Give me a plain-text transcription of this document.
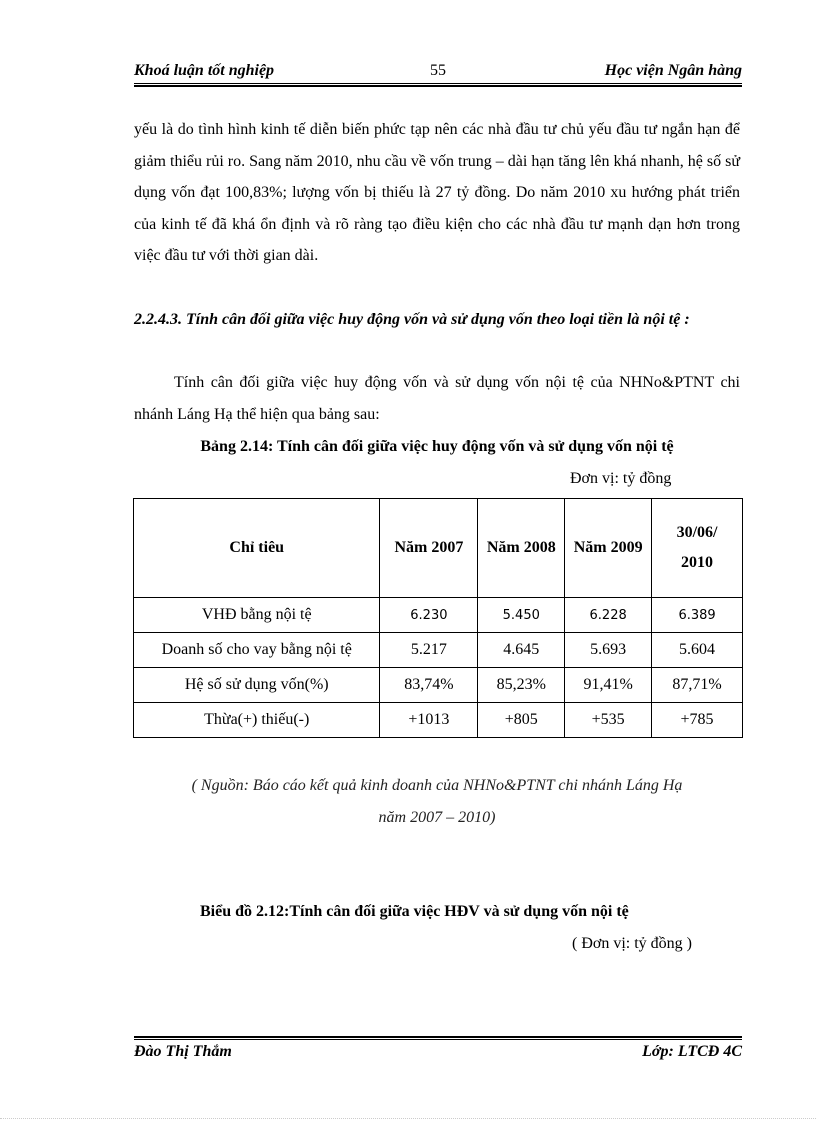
Khoá luận tốt nghiệp	55	Học viện Ngân hàng
yếu là do tình hình kinh tế diễn biến phức tạp nên các nhà đầu tư chủ yếu đầu tư ngắn hạn để giảm thiểu rủi ro. Sang năm 2010, nhu cầu về vốn trung – dài hạn tăng lên khá nhanh, hệ số sử dụng vốn đạt 100,83%; lượng vốn bị thiếu là 27 tỷ đồng. Do năm 2010 xu hướng phát triển của kinh tế đã khá ổn định và rõ ràng tạo điều kiện cho các nhà đầu tư mạnh dạn hơn trong việc đầu tư với thời gian dài.
2.2.4.3. Tính cân đối giữa việc huy động vốn và sử dụng vốn theo loại tiền là nội tệ :
Tính cân đối giữa việc huy động vốn và sử dụng vốn nội tệ của NHNo&PTNT chi nhánh Láng Hạ thể hiện qua bảng sau:
Bảng 2.14: Tính cân đối giữa việc huy động vốn và sử dụng vốn nội tệ
Đơn vị: tỷ đồng
Chỉ tiêu	Năm 2007	Năm 2008	Năm 2009	30/06/
2010
VHĐ bằng nội tệ	6.230	5.450	6.228	6.389
Doanh số cho vay bằng nội tệ	5.217	4.645	5.693	5.604
Hệ số sử dụng vốn(%)	83,74%	85,23%	91,41%	87,71%
Thừa(+) thiếu(-)	+1013	+805	+535	+785
( Nguồn: Báo cáo kết quả kinh doanh của NHNo&PTNT chi nhánh Láng Hạ
năm 2007 – 2010)
Biểu đồ 2.12:Tính cân đối giữa việc HĐV và sử dụng vốn nội tệ
( Đơn vị: tỷ đồng )
Đào Thị Thắm	Lớp: LTCĐ 4C
